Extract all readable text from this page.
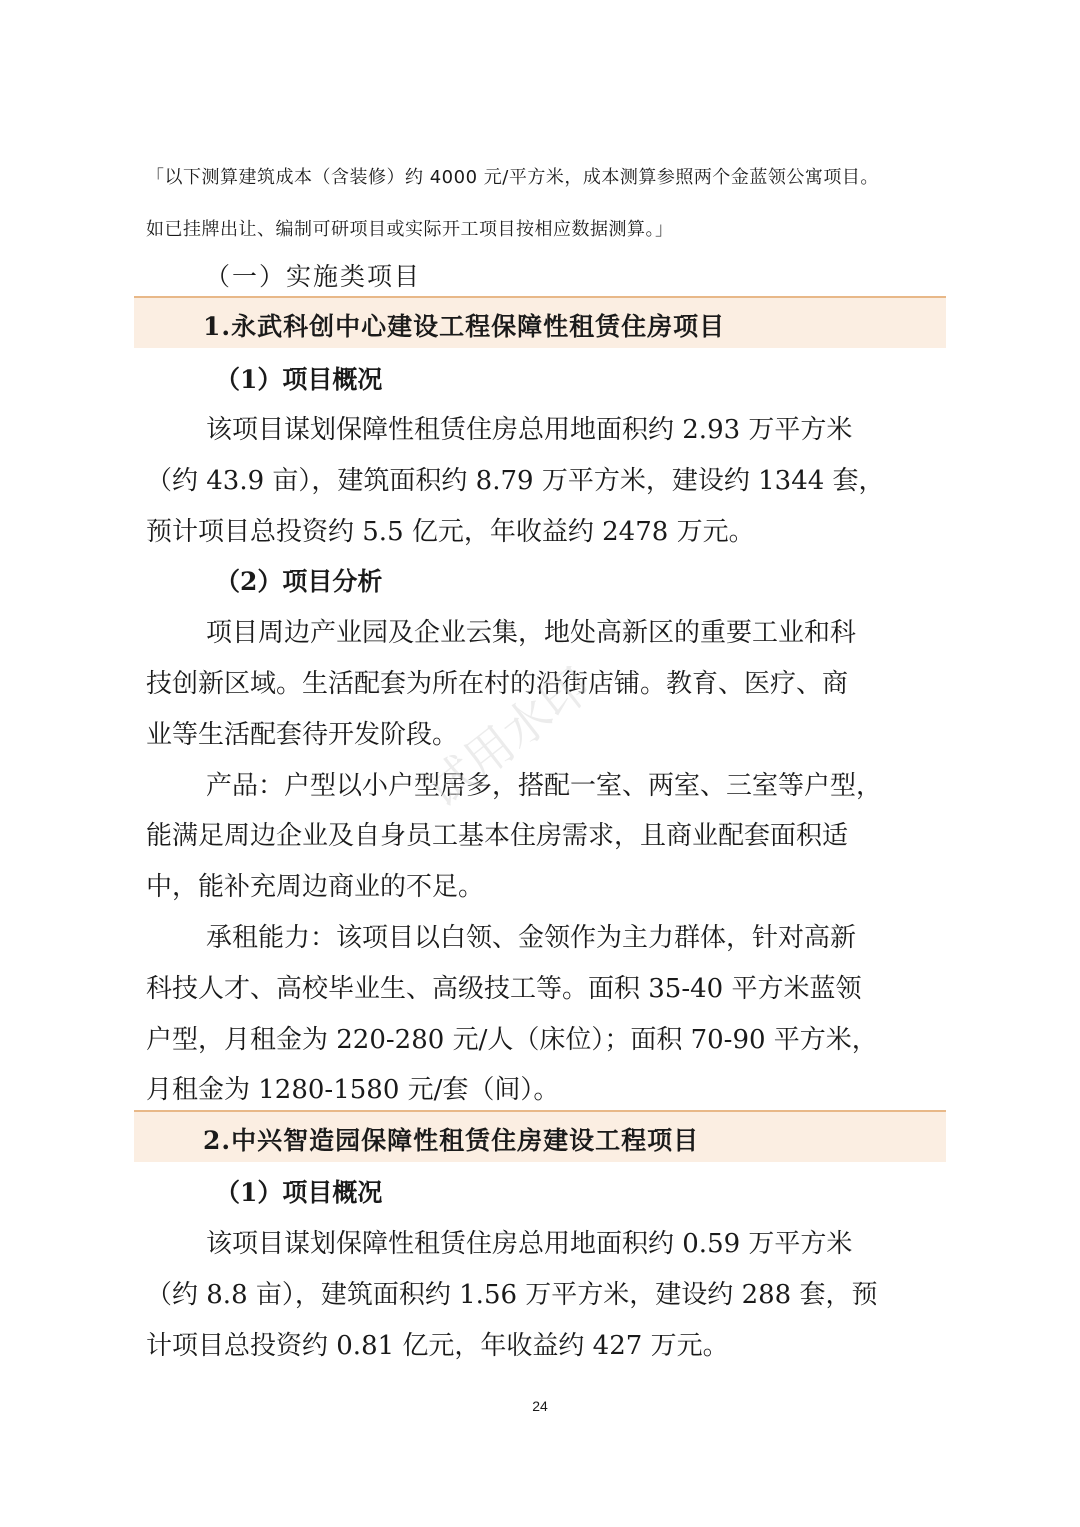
「以下测算建筑成本（含装修）约 4000 元/平方米，成本测算参照两个金蓝领公寓项目。
如已挂牌出让、编制可研项目或实际开工项目按相应数据测算。」
（一）实施类项目
1.永武科创中心建设工程保障性租赁住房项目
（1）项目概况
该项目谋划保障性租赁住房总用地面积约 2.93 万平方米
（约 43.9 亩），建筑面积约 8.79 万平方米，建设约 1344 套，
预计项目总投资约 5.5 亿元，年收益约 2478 万元。
（2）项目分析
项目周边产业园及企业云集，地处高新区的重要工业和科
技创新区域。生活配套为所在村的沿街店铺。教育、医疗、商
业等生活配套待开发阶段。
产品：户型以小户型居多，搭配一室、两室、三室等户型，
能满足周边企业及自身员工基本住房需求，且商业配套面积适
中，能补充周边商业的不足。
承租能力：该项目以白领、金领作为主力群体，针对高新
科技人才、高校毕业生、高级技工等。面积 35-40 平方米蓝领
户型，月租金为 220-280 元/人（床位）；面积 70-90 平方米，
月租金为 1280-1580 元/套（间）。
2.中兴智造园保障性租赁住房建设工程项目
（1）项目概况
该项目谋划保障性租赁住房总用地面积约 0.59 万平方米
（约 8.8 亩），建筑面积约 1.56 万平方米，建设约 288 套，预
计项目总投资约 0.81 亿元，年收益约 427 万元。
试用水印
24
